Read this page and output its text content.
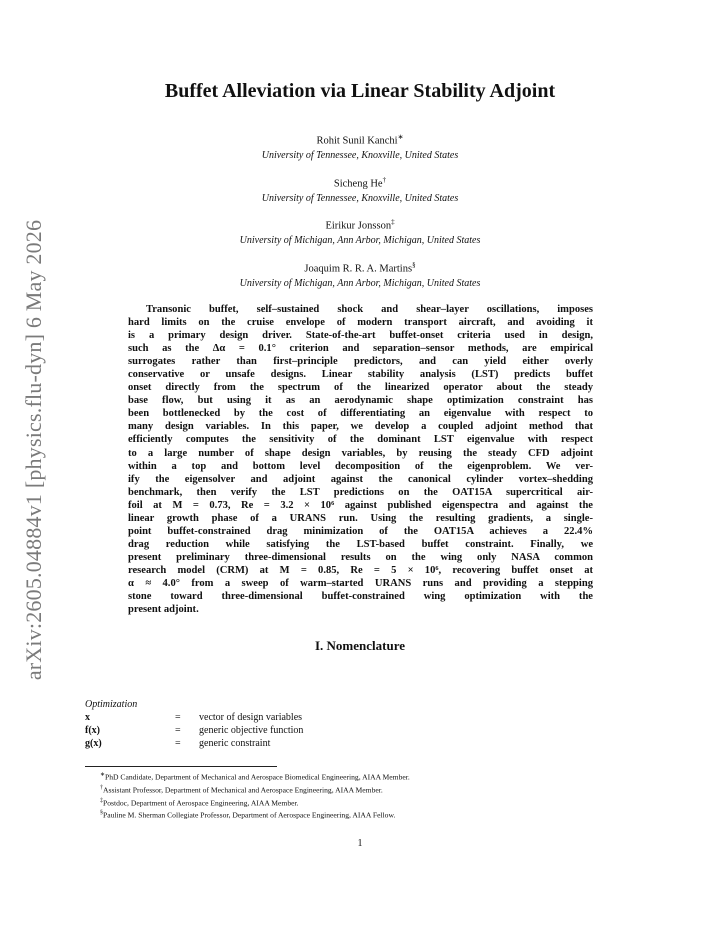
arXiv:2605.04884v1 [physics.flu-dyn] 6 May 2026
Buffet Alleviation via Linear Stability Adjoint
Rohit Sunil Kanchi∗
University of Tennessee, Knoxville, United States
Sicheng He†
University of Tennessee, Knoxville, United States
Eirikur Jonsson‡
University of Michigan, Ann Arbor, Michigan, United States
Joaquim R. R. A. Martins§
University of Michigan, Ann Arbor, Michigan, United States
Transonic buffet, self–sustained shock and shear–layer oscillations, imposes
hard limits on the cruise envelope of modern transport aircraft, and avoiding it
is a primary design driver. State-of-the-art buffet-onset criteria used in design,
such as the Δα = 0.1° criterion and separation–sensor methods, are empirical
surrogates rather than first–principle predictors, and can yield either overly
conservative or unsafe designs. Linear stability analysis (LST) predicts buffet
onset directly from the spectrum of the linearized operator about the steady
base flow, but using it as an aerodynamic shape optimization constraint has
been bottlenecked by the cost of differentiating an eigenvalue with respect to
many design variables. In this paper, we develop a coupled adjoint method that
efficiently computes the sensitivity of the dominant LST eigenvalue with respect
to a large number of shape design variables, by reusing the steady CFD adjoint
within a top and bottom level decomposition of the eigenproblem. We ver-
ify the eigensolver and adjoint against the canonical cylinder vortex–shedding
benchmark, then verify the LST predictions on the OAT15A supercritical air-
foil at M = 0.73, Re = 3.2 × 10⁶ against published eigenspectra and against the
linear growth phase of a URANS run. Using the resulting gradients, a single-
point buffet-constrained drag minimization of the OAT15A achieves a 22.4%
drag reduction while satisfying the LST-based buffet constraint. Finally, we
present preliminary three-dimensional results on the wing only NASA common
research model (CRM) at M = 0.85, Re = 5 × 10⁶, recovering buffet onset at
α ≈ 4.0° from a sweep of warm–started URANS runs and providing a stepping
stone toward three-dimensional buffet-constrained wing optimization with the
present adjoint.
I. Nomenclature
Optimization
x	=	vector of design variables
f(x)	=	generic objective function
g(x)	=	generic constraint
∗PhD Candidate, Department of Mechanical and Aerospace Biomedical Engineering, AIAA Member.
†Assistant Professor, Department of Mechanical and Aerospace Engineering, AIAA Member.
‡Postdoc, Department of Aerospace Engineering, AIAA Member.
§Pauline M. Sherman Collegiate Professor, Department of Aerospace Engineering, AIAA Fellow.
1
